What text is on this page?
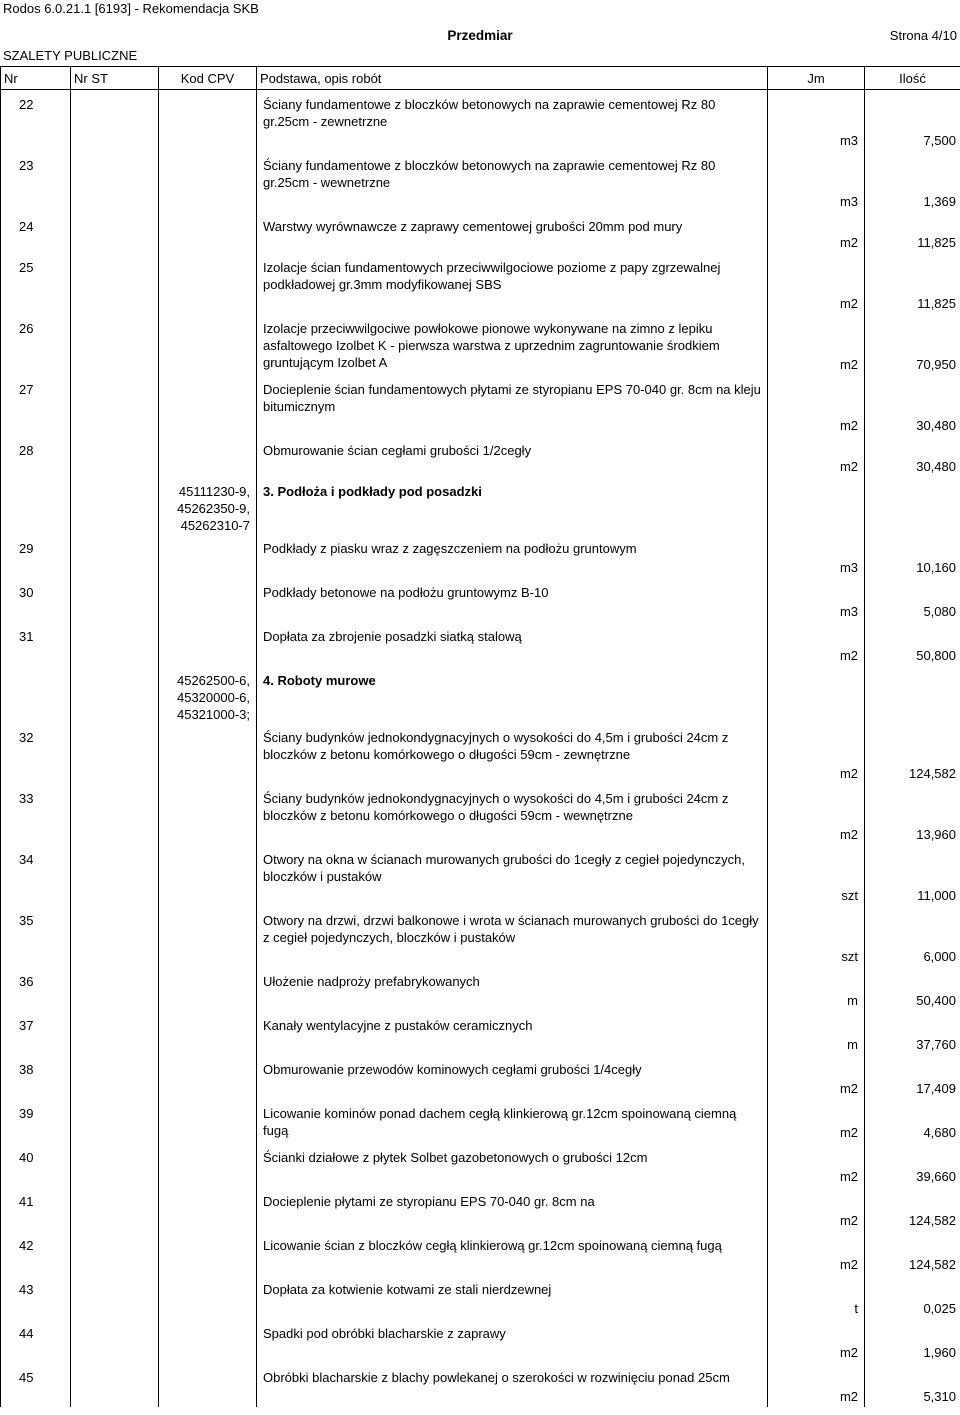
Rodos 6.0.21.1 [6193] - Rekomendacja SKB
Przedmiar	Strona 4/10
SZALETY PUBLICZNE
Nr	Nr ST	Kod CPV	Podstawa, opis robót	Jm	Ilość
22			Ściany fundamentowe z bloczków betonowych na zaprawie cementowej Rz 80 gr.25cm - zewnetrzne	m3	7,500
23			Ściany fundamentowe z bloczków betonowych na zaprawie cementowej Rz 80 gr.25cm - wewnetrzne	m3	1,369
24			Warstwy wyrównawcze z zaprawy cementowej grubości 20mm pod mury	m2	11,825
25			Izolacje ścian fundamentowych przeciwwilgociowe poziome z papy zgrzewalnej podkładowej gr.3mm modyfikowanej SBS	m2	11,825
26			Izolacje przeciwwilgociwe powłokowe pionowe wykonywane na zimno z lepiku asfaltowego Izolbet K - pierwsza warstwa z uprzednim zagruntowanie środkiem gruntującym Izolbet A	m2	70,950
27			Docieplenie ścian fundamentowych płytami ze styropianu EPS 70-040 gr. 8cm na kleju bitumicznym	m2	30,480
28			Obmurowanie ścian cegłami grubości 1/2cegły	m2	30,480
		45111230-9, 45262350-9, 45262310-7	3. Podłoża i podkłady pod posadzki		
29			Podkłady z piasku wraz z zagęszczeniem na podłożu gruntowym	m3	10,160
30			Podkłady betonowe na podłożu gruntowymz B-10	m3	5,080
31			Dopłata za zbrojenie posadzki siatką stalową	m2	50,800
		45262500-6, 45320000-6, 45321000-3;	4. Roboty murowe		
32			Ściany budynków jednokondygnacyjnych o wysokości do 4,5m i grubości 24cm z bloczków z betonu komórkowego o długości 59cm - zewnętrzne	m2	124,582
33			Ściany budynków jednokondygnacyjnych o wysokości do 4,5m i grubości 24cm z bloczków z betonu komórkowego o długości 59cm - wewnętrzne	m2	13,960
34			Otwory na okna w ścianach murowanych grubości do 1cegły z cegieł pojedynczych, bloczków i pustaków	szt	11,000
35			Otwory na drzwi, drzwi balkonowe i wrota w ścianach murowanych grubości do 1cegły z cegieł pojedynczych, bloczków i pustaków	szt	6,000
36			Ułożenie nadproży prefabrykowanych	m	50,400
37			Kanały wentylacyjne z pustaków ceramicznych	m	37,760
38			Obmurowanie przewodów kominowych cegłami grubości 1/4cegły	m2	17,409
39			Licowanie kominów ponad dachem cegłą klinkierową gr.12cm spoinowaną ciemną fugą	m2	4,680
40			Ścianki działowe z płytek Solbet gazobetonowych o grubości 12cm	m2	39,660
41			Docieplenie płytami ze styropianu EPS 70-040 gr. 8cm na	m2	124,582
42			Licowanie ścian z bloczków cegłą klinkierową gr.12cm spoinowaną ciemną fugą	m2	124,582
43			Dopłata za kotwienie kotwami ze stali nierdzewnej	t	0,025
44			Spadki pod obróbki blacharskie z zaprawy	m2	1,960
45			Obróbki blacharskie z blachy powlekanej o szerokości w rozwinięciu ponad 25cm	m2	5,310
